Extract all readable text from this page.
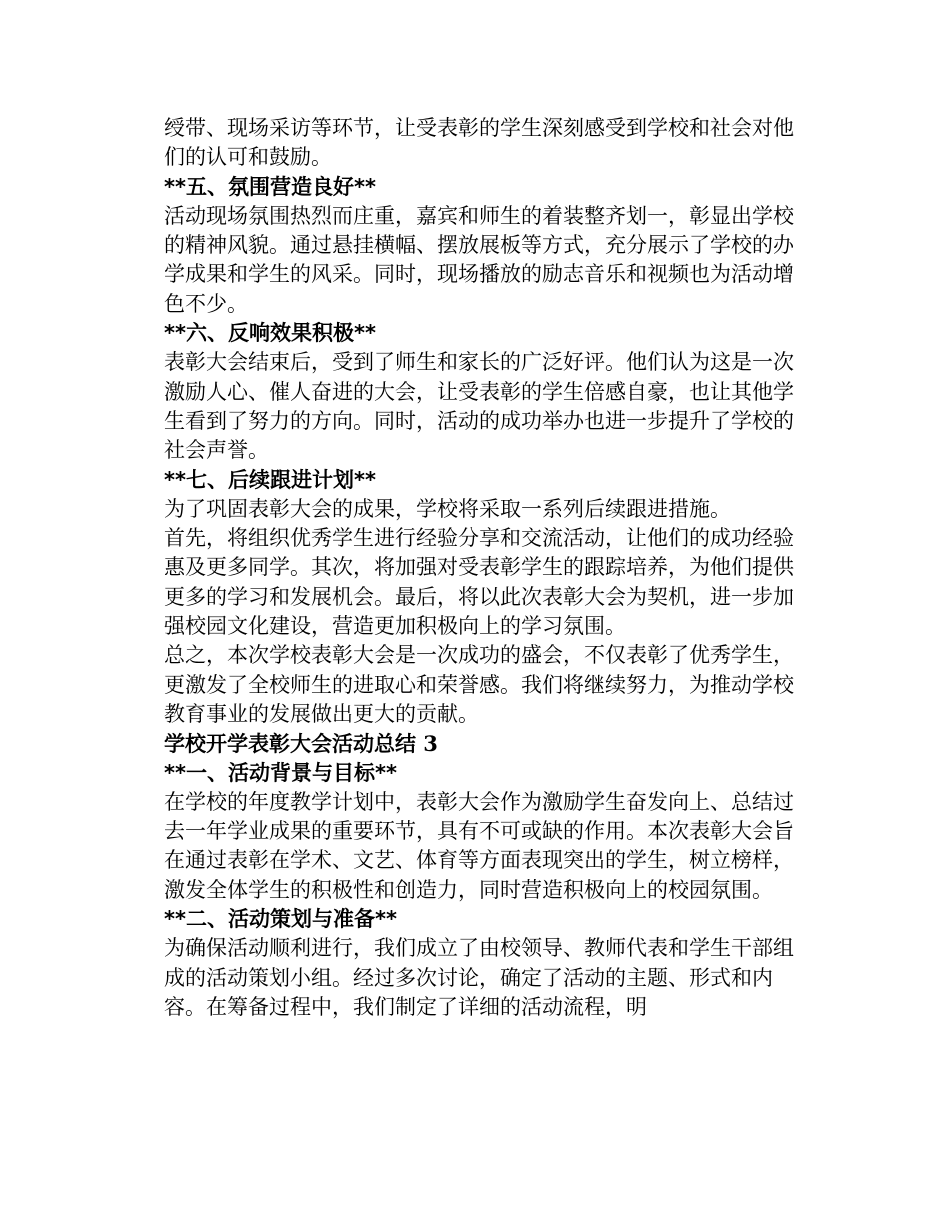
绶带、现场采访等环节，让受表彰的学生深刻感受到学校和社会对他们的认可和鼓励。

**五、氛围营造良好**

活动现场氛围热烈而庄重，嘉宾和师生的着装整齐划一，彰显出学校的精神风貌。通过悬挂横幅、摆放展板等方式，充分展示了学校的办学成果和学生的风采。同时，现场播放的励志音乐和视频也为活动增色不少。

**六、反响效果积极**

表彰大会结束后，受到了师生和家长的广泛好评。他们认为这是一次激励人心、催人奋进的大会，让受表彰的学生倍感自豪，也让其他学生看到了努力的方向。同时，活动的成功举办也进一步提升了学校的社会声誉。

**七、后续跟进计划**

为了巩固表彰大会的成果，学校将采取一系列后续跟进措施。

首先，将组织优秀学生进行经验分享和交流活动，让他们的成功经验惠及更多同学。其次，将加强对受表彰学生的跟踪培养，为他们提供更多的学习和发展机会。最后，将以此次表彰大会为契机，进一步加强校园文化建设，营造更加积极向上的学习氛围。

总之，本次学校表彰大会是一次成功的盛会，不仅表彰了优秀学生，更激发了全校师生的进取心和荣誉感。我们将继续努力，为推动学校教育事业的发展做出更大的贡献。

学校开学表彰大会活动总结 3

**一、活动背景与目标**

在学校的年度教学计划中，表彰大会作为激励学生奋发向上、总结过去一年学业成果的重要环节，具有不可或缺的作用。本次表彰大会旨在通过表彰在学术、文艺、体育等方面表现突出的学生，树立榜样，激发全体学生的积极性和创造力，同时营造积极向上的校园氛围。

**二、活动策划与准备**

为确保活动顺利进行，我们成立了由校领导、教师代表和学生干部组成的活动策划小组。经过多次讨论，确定了活动的主题、形式和内容。在筹备过程中，我们制定了详细的活动流程，明
